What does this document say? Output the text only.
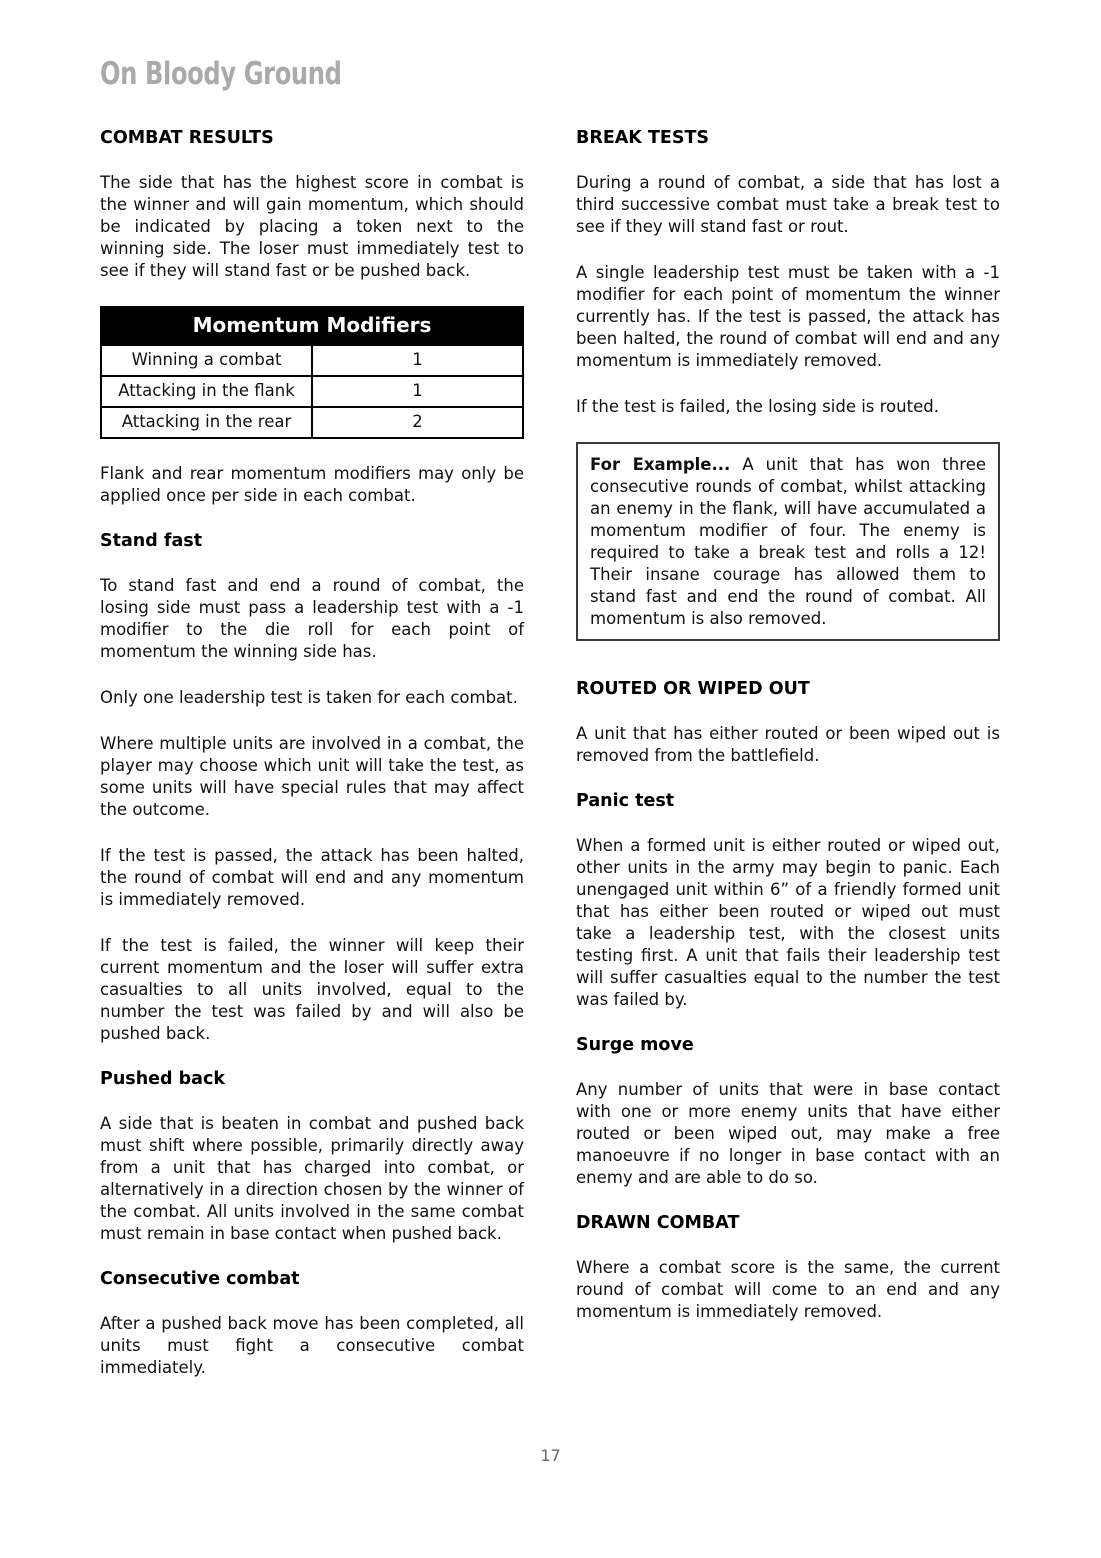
On Bloody Ground
COMBAT RESULTS

The side that has the highest score in combat is the winner and will gain momentum, which should be indicated by placing a token next to the winning side. The loser must immediately test to see if they will stand fast or be pushed back.

Momentum Modifiers	
Winning a combat	1
Attacking in the flank	1
Attacking in the rear	2

Flank and rear momentum modifiers may only be applied once per side in each combat.

Stand fast

To stand fast and end a round of combat, the losing side must pass a leadership test with a -1 modifier to the die roll for each point of momentum the winning side has.

Only one leadership test is taken for each combat.

Where multiple units are involved in a combat, the player may choose which unit will take the test, as some units will have special rules that may affect the outcome.

If the test is passed, the attack has been halted, the round of combat will end and any momentum is immediately removed.

If the test is failed, the winner will keep their current momentum and the loser will suffer extra casualties to all units involved, equal to the number the test was failed by and will also be pushed back.

Pushed back

A side that is beaten in combat and pushed back must shift where possible, primarily directly away from a unit that has charged into combat, or alternatively in a direction chosen by the winner of the combat. All units involved in the same combat must remain in base contact when pushed back.

Consecutive combat

After a pushed back move has been completed, all units must fight a consecutive combat immediately.

BREAK TESTS

During a round of combat, a side that has lost a third successive combat must take a break test to see if they will stand fast or rout.

A single leadership test must be taken with a -1 modifier for each point of momentum the winner currently has. If the test is passed, the attack has been halted, the round of combat will end and any momentum is immediately removed.

If the test is failed, the losing side is routed.

For Example... A unit that has won three consecutive rounds of combat, whilst attacking an enemy in the flank, will have accumulated a momentum modifier of four. The enemy is required to take a break test and rolls a 12! Their insane courage has allowed them to stand fast and end the round of combat. All momentum is also removed.

ROUTED OR WIPED OUT

A unit that has either routed or been wiped out is removed from the battlefield.

Panic test

When a formed unit is either routed or wiped out, other units in the army may begin to panic. Each unengaged unit within 6” of a friendly formed unit that has either been routed or wiped out must take a leadership test, with the closest units testing first. A unit that fails their leadership test will suffer casualties equal to the number the test was failed by.

Surge move

Any number of units that were in base contact with one or more enemy units that have either routed or been wiped out, may make a free manoeuvre if no longer in base contact with an enemy and are able to do so.

DRAWN COMBAT

Where a combat score is the same, the current round of combat will come to an end and any momentum is immediately removed.

17
